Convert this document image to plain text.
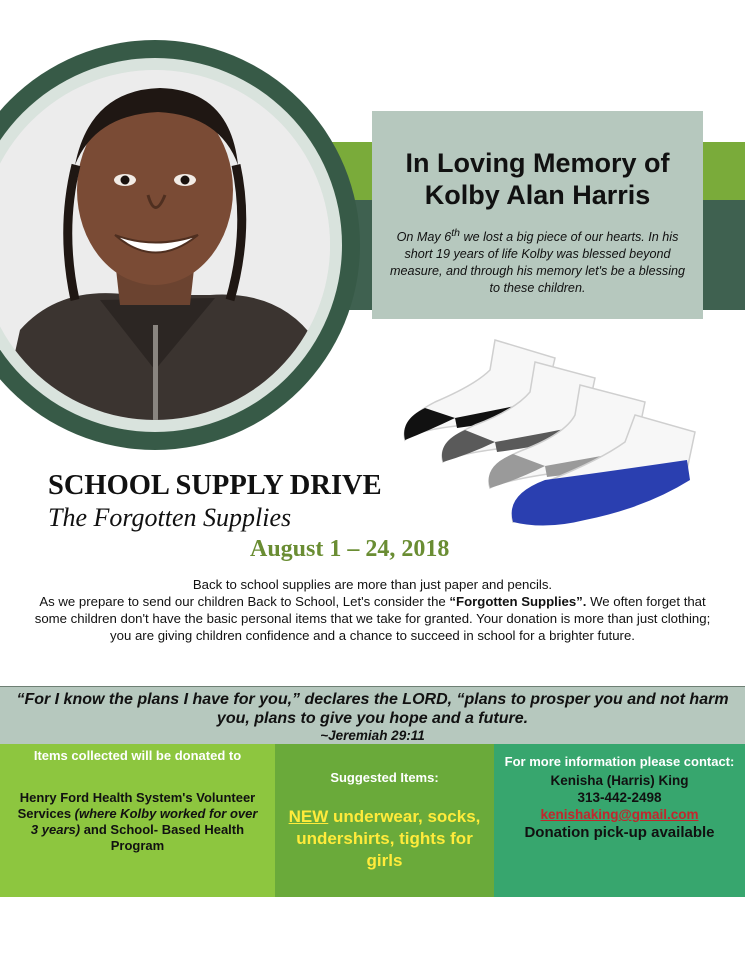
In Loving Memory of
Kolby Alan Harris

On May 6th we lost a big piece of our hearts. In his short 19 years of life Kolby was blessed beyond measure, and through his memory let's be a blessing to these children.

SCHOOL SUPPLY DRIVE
The Forgotten Supplies
August 1 – 24, 2018
Back to school supplies are more than just paper and pencils.
As we prepare to send our children Back to School, Let's consider the “Forgotten Supplies”. We often forget that some children don't have the basic personal items that we take for granted. Your donation is more than just clothing; you are giving children confidence and a chance to succeed in school for a brighter future.
“For I know the plans I have for you,” declares the LORD, “plans to prosper you and not harm you, plans to give you hope and a future.
~Jeremiah 29:11
Items collected will be donated to
Henry Ford Health System's Volunteer Services (where Kolby worked for over 3 years) and School- Based Health Program
Suggested Items:
NEW underwear, socks, undershirts, tights for girls
For more information please contact:
Kenisha (Harris) King
313-442-2498
kenishaking@gmail.com
Donation pick-up available
